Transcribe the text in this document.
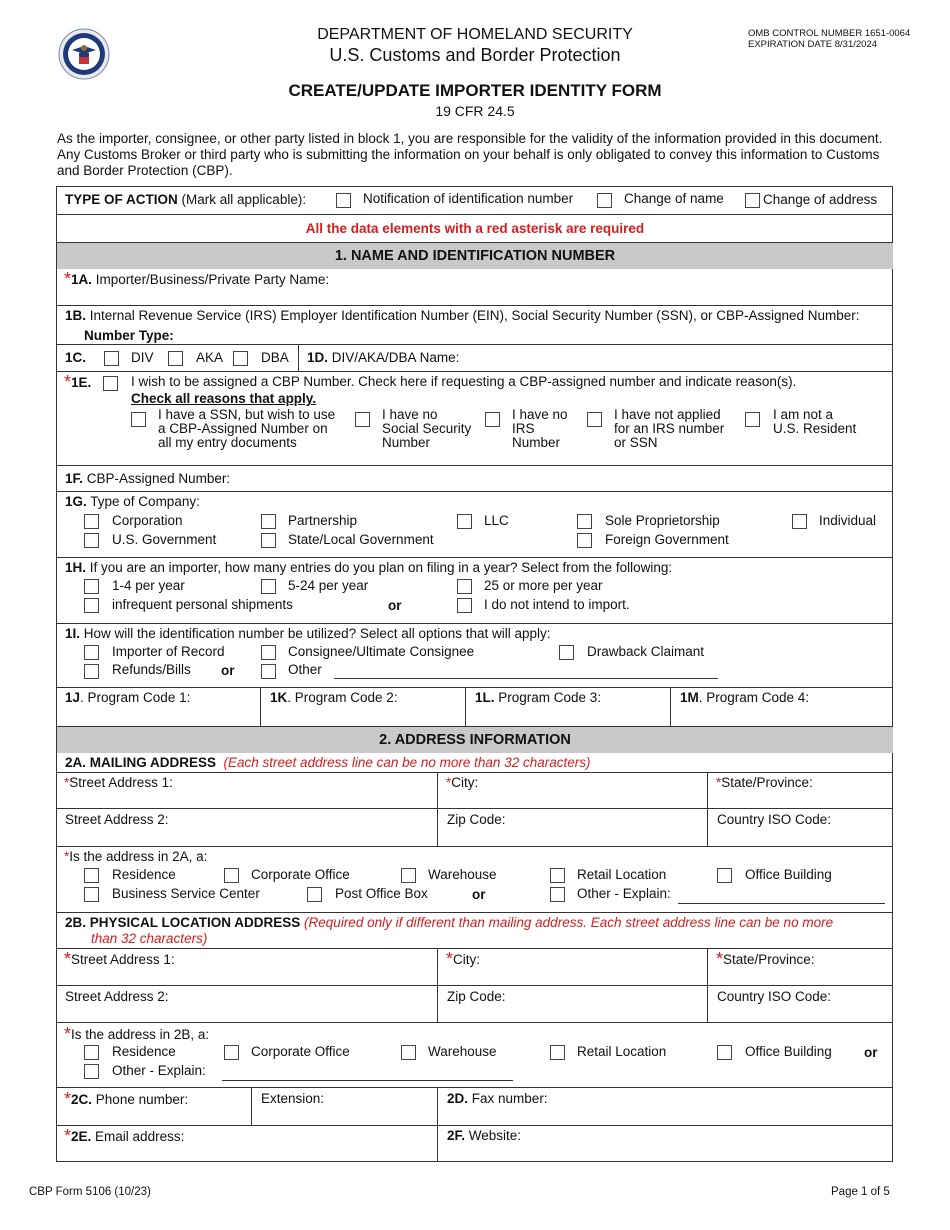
DEPARTMENT OF HOMELAND SECURITY
U.S. Customs and Border Protection
OMB CONTROL NUMBER 1651-0064
EXPIRATION DATE 8/31/2024
CREATE/UPDATE IMPORTER IDENTITY FORM
19 CFR 24.5
As the importer, consignee, or other party listed in block 1, you are responsible for the validity of the information provided in this document. Any Customs Broker or third party who is submitting the information on your behalf is only obligated to convey this information to Customs and Border Protection (CBP).
TYPE OF ACTION (Mark all applicable):	Notification of identification number	Change of name	Change of address
All the data elements with a red asterisk are required
1. NAME AND IDENTIFICATION NUMBER
*1A. Importer/Business/Private Party Name:
1B. Internal Revenue Service (IRS) Employer Identification Number (EIN), Social Security Number (SSN), or CBP-Assigned Number:
Number Type:
1C.	DIV	AKA	DBA 1D. DIV/AKA/DBA Name:
*1E.	I wish to be assigned a CBP Number. Check here if requesting a CBP-assigned number and indicate reason(s).
Check all reasons that apply.
I have a SSN, but wish to use
a CBP-Assigned Number on
all my entry documents
I have no
Social Security
Number
I have no
IRS
Number
I have not applied
for an IRS number
or SSN
I am not a
U.S. Resident
1F. CBP-Assigned Number:
1G. Type of Company:
Corporation	Partnership	LLC	Sole Proprietorship	Individual
U.S. Government	State/Local Government	Foreign Government
1H. If you are an importer, how many entries do you plan on filing in a year? Select from the following:
1-4 per year	5-24 per year	25 or more per year
infrequent personal shipments	or	I do not intend to import.
1I. How will the identification number be utilized? Select all options that will apply:
Importer of Record	Consignee/Ultimate Consignee	Drawback Claimant
Refunds/Bills or	Other
1J. Program Code 1:	1K. Program Code 2:	1L. Program Code 3:	1M. Program Code 4:
2. ADDRESS INFORMATION
2A. MAILING ADDRESS (Each street address line can be no more than 32 characters)
*Street Address 1:	*City:	*State/Province:
Street Address 2:	Zip Code:	Country ISO Code:
*Is the address in 2A, a:
Residence	Corporate Office	Warehouse	Retail Location	Office Building
Business Service Center	Post Office Box	or	Other - Explain:
2B. PHYSICAL LOCATION ADDRESS (Required only if different than mailing address. Each street address line can be no more
than 32 characters)
*Street Address 1:	*City:	*State/Province:
Street Address 2:	Zip Code:	Country ISO Code:
*Is the address in 2B, a:
Residence	Corporate Office	Warehouse	Retail Location	Office Building or
Other - Explain:
*2C. Phone number:	Extension:	2D. Fax number:
*2E. Email address:	2F. Website:
CBP Form 5106 (10/23)	Page 1 of 5
